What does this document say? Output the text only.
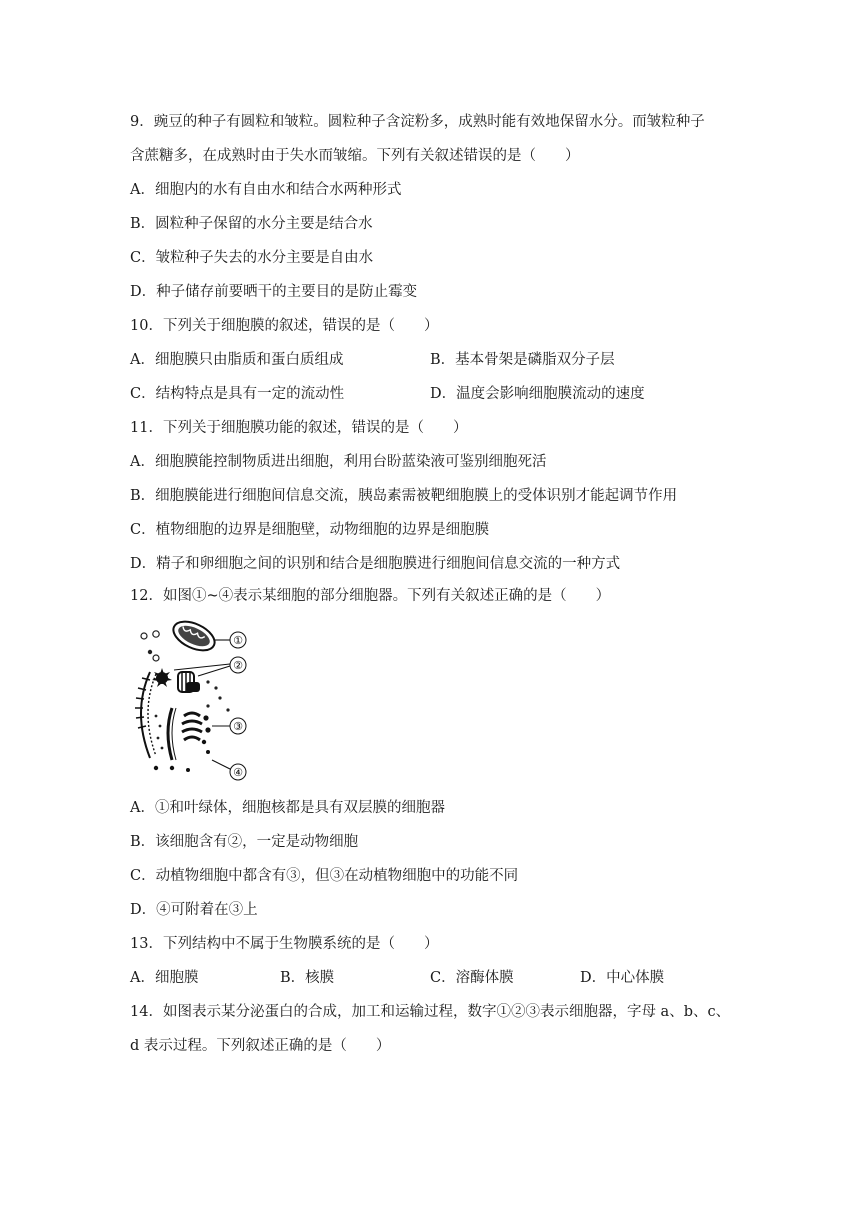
9．豌豆的种子有圆粒和皱粒。圆粒种子含淀粉多，成熟时能有效地保留水分。而皱粒种子
含蔗糖多，在成熟时由于失水而皱缩。下列有关叙述错误的是（　　）
A．细胞内的水有自由水和结合水两种形式
B．圆粒种子保留的水分主要是结合水
C．皱粒种子失去的水分主要是自由水
D．种子储存前要晒干的主要目的是防止霉变
10．下列关于细胞膜的叙述，错误的是（　　）
A．细胞膜只由脂质和蛋白质组成	B．基本骨架是磷脂双分子层
C．结构特点是具有一定的流动性	D．温度会影响细胞膜流动的速度
11．下列关于细胞膜功能的叙述，错误的是（　　）
A．细胞膜能控制物质进出细胞，利用台盼蓝染液可鉴别细胞死活
B．细胞膜能进行细胞间信息交流，胰岛素需被靶细胞膜上的受体识别才能起调节作用
C．植物细胞的边界是细胞壁，动物细胞的边界是细胞膜
D．精子和卵细胞之间的识别和结合是细胞膜进行细胞间信息交流的一种方式
12．如图①~④表示某细胞的部分细胞器。下列有关叙述正确的是（　　）
①
②
③
④
A．①和叶绿体，细胞核都是具有双层膜的细胞器
B．该细胞含有②，一定是动物细胞
C．动植物细胞中都含有③，但③在动植物细胞中的功能不同
D．④可附着在③上
13．下列结构中不属于生物膜系统的是（　　）
A．细胞膜	B．核膜	C．溶酶体膜	D．中心体膜
14．如图表示某分泌蛋白的合成，加工和运输过程，数字①②③表示细胞器，字母 a、b、c、
d 表示过程。下列叙述正确的是（　　）
